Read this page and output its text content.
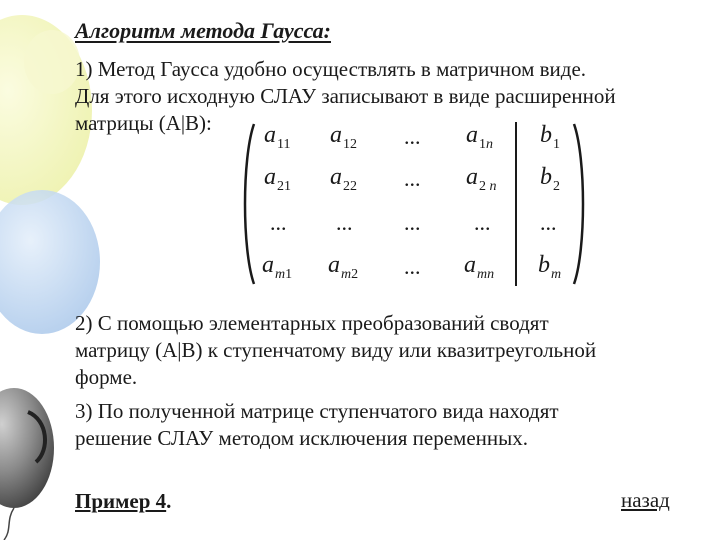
Алгоритм метода Гаусса:
1) Метод Гаусса удобно осуществлять в матричном виде.
Для этого исходную СЛАУ записывают в виде расширенной
матрицы (A|B): $a_{11}$ $a_{12}$ ... $a_{1n}$ $b_1$
$a_{21}$ $a_{22}$ ... $a_{2 n}$ $b_2$
... ... ... ... ...
$a_{m1}$ $a_{m2}$ ... $a_{mn}$ $b_m$
2) С помощью элементарных преобразований сводят
матрицу (A|B) к ступенчатому виду или квазитреугольной
форме.
3) По полученной матрице ступенчатого вида находят
решение СЛАУ методом исключения переменных.
Пример 4.	назад
